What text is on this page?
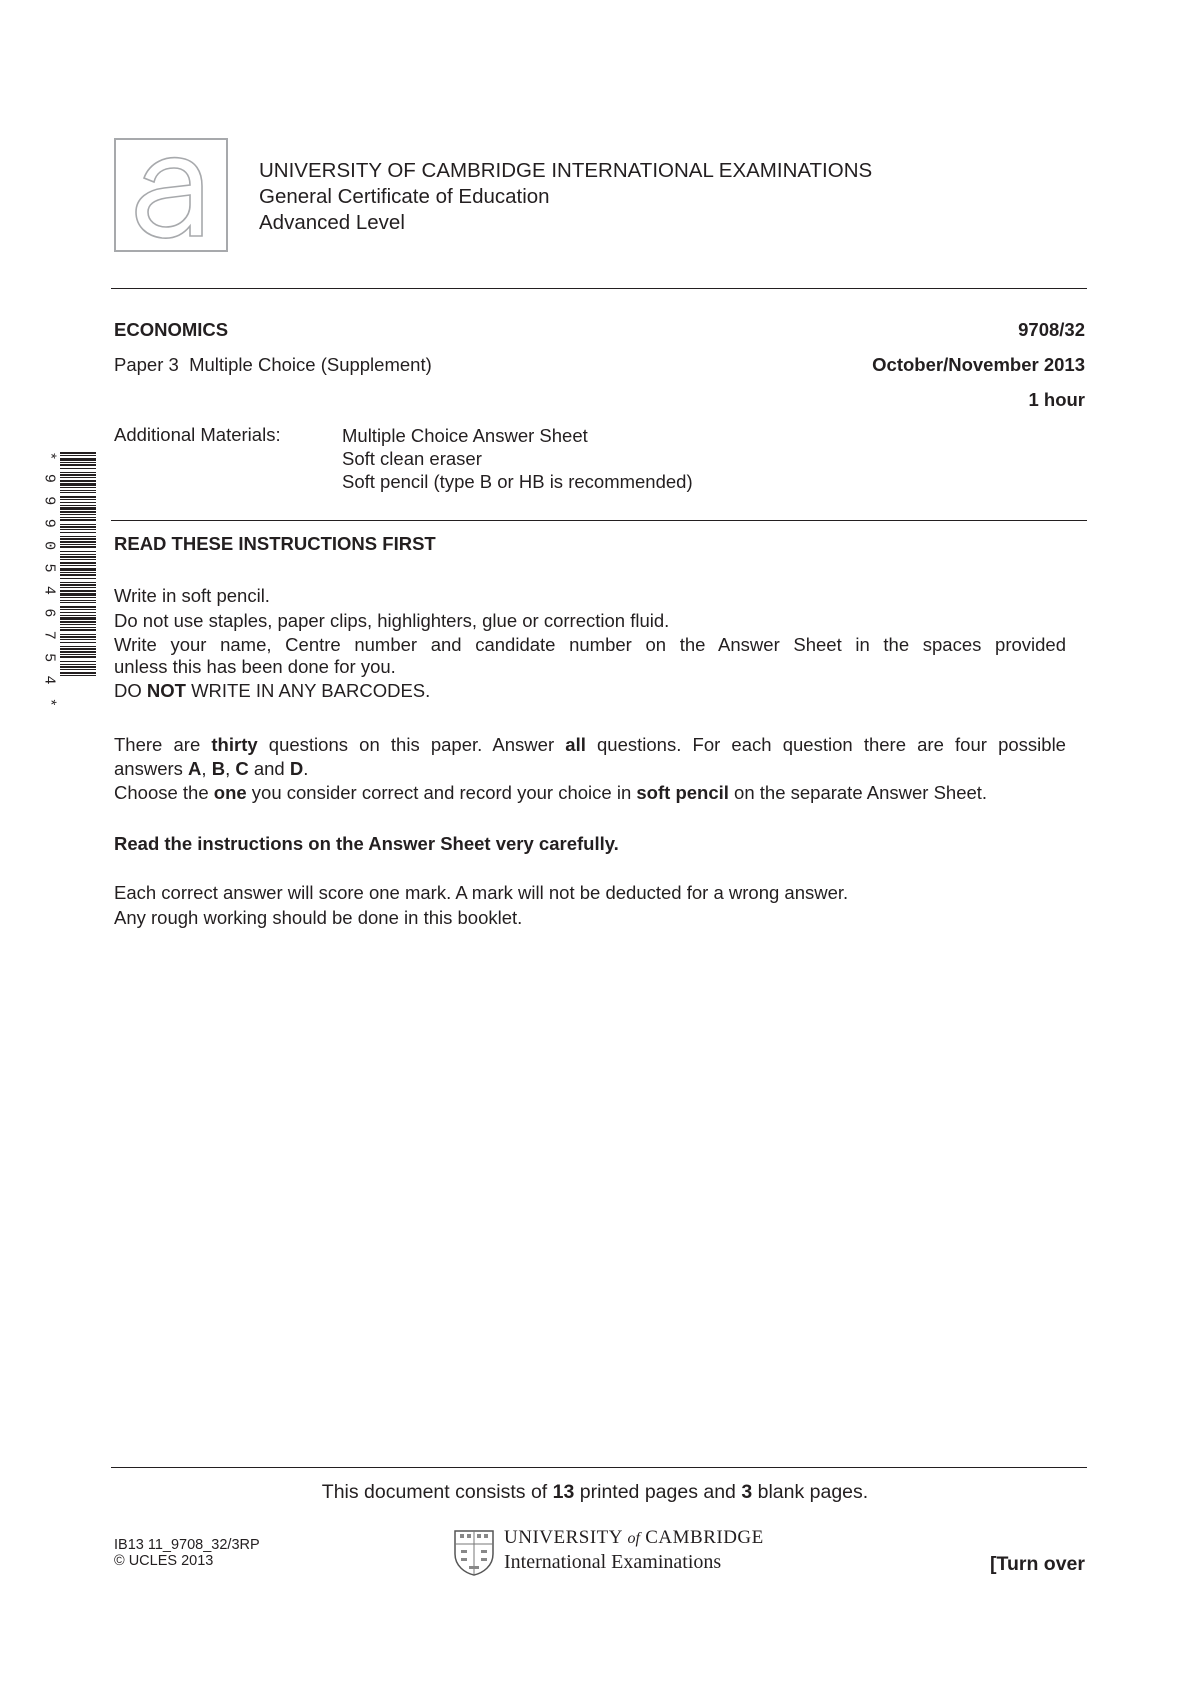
UNIVERSITY OF CAMBRIDGE INTERNATIONAL EXAMINATIONS
General Certificate of Education
Advanced Level
ECONOMICS	9708/32
Paper 3  Multiple Choice (Supplement)	October/November 2013
1 hour
Additional Materials:	Multiple Choice Answer Sheet
Soft clean eraser
Soft pencil (type B or HB is recommended)
* 9 9 9 0 5 4 6 7 5 4 *	READ THESE INSTRUCTIONS FIRST
Write in soft pencil.
Do not use staples, paper clips, highlighters, glue or correction fluid.
Write your name, Centre number and candidate number on the Answer Sheet in the spaces provided
unless this has been done for you.
DO NOT WRITE IN ANY BARCODES.
There are thirty questions on this paper. Answer all questions. For each question there are four possible
answers A, B, C and D.
Choose the one you consider correct and record your choice in soft pencil on the separate Answer Sheet.
Read the instructions on the Answer Sheet very carefully.
Each correct answer will score one mark. A mark will not be deducted for a wrong answer.
Any rough working should be done in this booklet.
This document consists of 13 printed pages and 3 blank pages.
IB13 11_9708_32/3RP
© UCLES 2013
UNIVERSITY of CAMBRIDGE
International Examinations	[Turn over
